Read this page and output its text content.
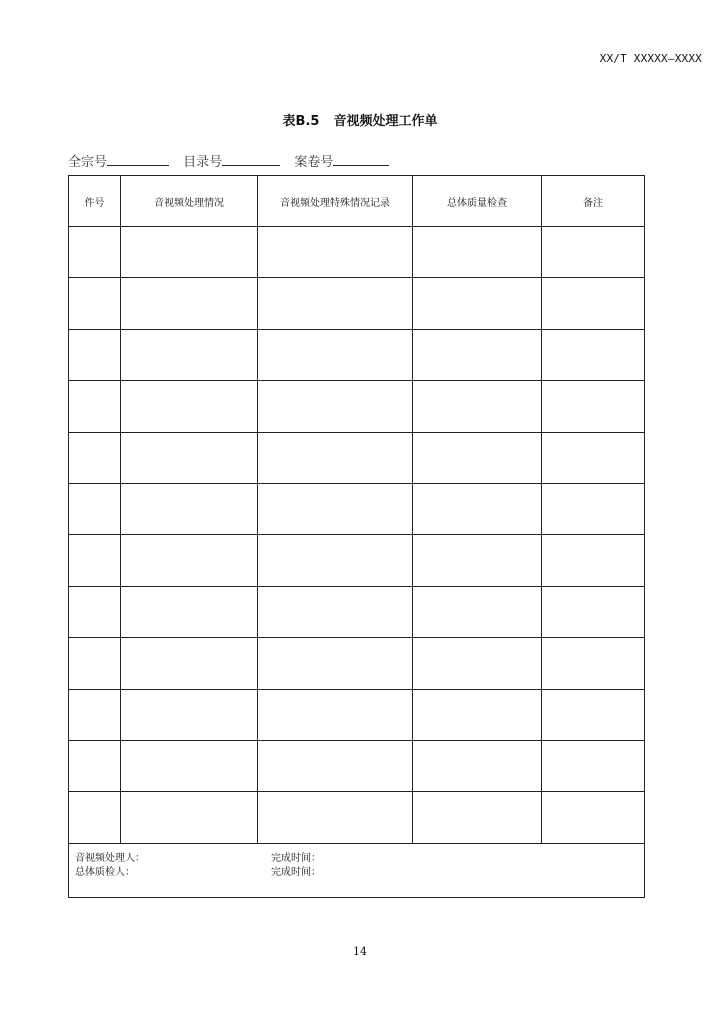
XX/T XXXXX—XXXX
表B.5 音视频处理工作单
全宗号	目录号	案卷号
件号	音视频处理情况	音视频处理特殊情况记录	总体质量检查	备注

音视频处理人： 完成时间：
总体质检人： 完成时间：				
14
